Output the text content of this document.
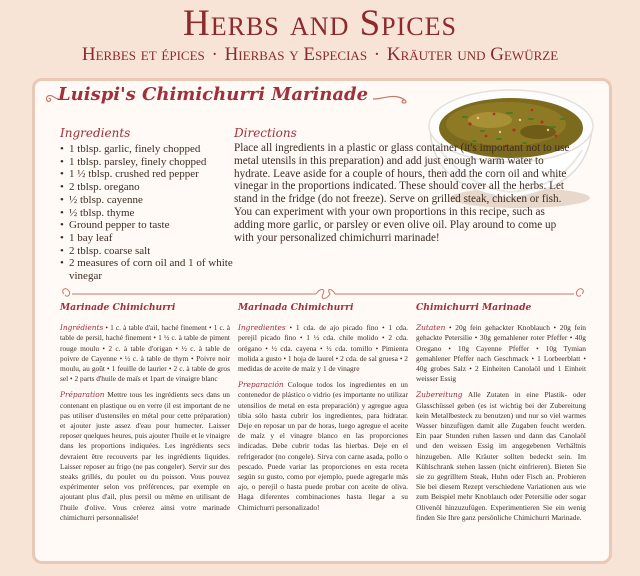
Herbs and Spices
Herbes et épices · Hierbas y Especias · Kräuter und Gewürze
Luispi's Chimichurri Marinade
Ingredients
• 1 tblsp. garlic, finely chopped
• 1 tblsp. parsley, finely chopped
• 1 ½ tblsp. crushed red pepper
• 2 tblsp. oregano
• ½ tblsp. cayenne
• ½ tblsp. thyme
• Ground pepper to taste
• 1 bay leaf
• 2 tblsp. coarse salt
• 2 measures of corn oil and 1 of white vinegar
Directions
Place all ingredients in a plastic or glass container (it's important not to use metal utensils in this preparation) and add just enough warm water to hydrate. Leave aside for a couple of hours, then add the corn oil and white vinegar in the proportions indicated. These should cover all the herbs. Let stand in the fridge (do not freeze). Serve on grilled steak, chicken or fish. You can experiment with your own proportions in this recipe, such as adding more garlic, or parsley or even olive oil. Play around to come up with your personalized chimichurri marinade!
Marinade Chimichurri

Ingrédients • 1 c. à table d'ail, haché finement • 1 c. à table de persil, haché finement • 1 ½ c. à table de piment rouge moulu • 2 c. à table d'origan • ½ c. à table de poivre de Cayenne • ½ c. à table de thym • Poivre noir moulu, au goût • 1 feuille de laurier • 2 c. à table de gros sel • 2 parts d'huile de maïs et 1part de vinaigre blanc

Préparation Mettre tous les ingrédients secs dans un contenant en plastique ou en verre (il est important de ne pas utiliser d'ustensiles en métal pour cette préparation) et ajouter juste assez d'eau pour humecter. Laisser reposer quelques heures, puis ajouter l'huile et le vinaigre dans les proportions indiquées. Les ingrédients secs devraient être recouverts par les ingrédients liquides. Laisser reposer au frigo (ne pas congeler). Servir sur des steaks grillés, du poulet ou du poisson. Vous pouvez expérimenter selon vos préférences, par exemple en ajoutant plus d'ail, plus persil ou même en utilisant de l'huile d'olive. Vous créerez ainsi votre marinade chimichurri personnalisée!

Marinada Chimichurri

Ingredientes • 1 cda. de ajo picado fino • 1 cda. perejil picado fino • 1 ½ cda. chile molido • 2 cda. orégano • ½ cda. cayena • ½ cda. tomillo • Pimienta molida a gusto • 1 hoja de laurel • 2 cda. de sal gruesa • 2 medidas de aceite de maíz y 1 de vinagre

Preparación Coloque todos los ingredientes en un contenedor de plástico o vidrio (es importante no utilizar utensilios de metal en esta preparación) y agregue agua tibia sólo hasta cubrir los ingredientes, para hidratar. Deje en reposar un par de horas, luego agregue el aceite de maíz y el vinagre blanco en las proporciones indicadas. Debe cubrir todas las hierbas. Deje en el refrigerador (no congele). Sirva con carne asada, pollo o pescado. Puede variar las proporciones en esta receta según su gusto, como por ejemplo, puede agregarle más ajo, o perejil o hasta puede probar con aceite de oliva. Haga diferentes combinaciones hasta llegar a su Chimichurri personalizado!

Chimichurri Marinade

Zutaten • 20g fein gehackter Knoblauch • 20g fein gehackte Petersilie • 30g gemahlener roter Pfeffer • 40g Oregano • 10g Cayenne Pfeffer • 10g Tymian gemahlener Pfeffer nach Geschmack • 1 Lorbeerblatt • 40g grobes Salz • 2 Einheiten Canolaöl und 1 Einheit weisser Essig

Zubereitung Alle Zutaten in eine Plastik- oder Glasschüssel geben (es ist wichtig bei der Zubereitung kein Metallbesteck zu benutzen) und nur so viel warmes Wasser hinzufügen damit alle Zugaben feucht werden. Ein paar Stunden ruhen lassen und dann das Canolaöl und den weissen Essig im angegebenen Verhältnis hinzugeben. Alle Kräuter sollten bedeckt sein. Im Kühlschrank stehen lassen (nicht einfrieren). Bieten Sie sie zu gegrilltem Steak, Huhn oder Fisch an. Probieren Sie bei diesem Rezept verschiedene Variationen aus wie zum Beispiel mehr Knoblauch oder Petersilie oder sogar Olivenöl hinzuzufügen. Experimentieren Sie ein wenig finden Sie Ihre ganz persönliche Chimichurri Marinade.
